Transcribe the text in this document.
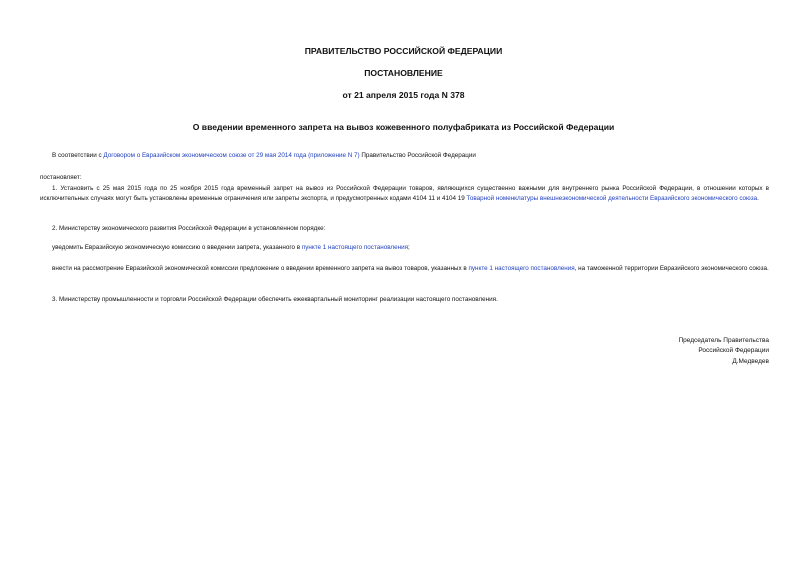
ПРАВИТЕЛЬСТВО РОССИЙСКОЙ ФЕДЕРАЦИИ
ПОСТАНОВЛЕНИЕ
от 21 апреля 2015 года N 378
О введении временного запрета на вывоз кожевенного полуфабриката из Российской Федерации
В соответствии с Договором о Евразийском экономическом союзе от 29 мая 2014 года (приложение N 7) Правительство Российской Федерации
постановляет:
1. Установить с 25 мая 2015 года по 25 ноября 2015 года временный запрет на вывоз из Российской Федерации товаров, являющихся существенно важными для внутреннего рынка Российской Федерации, в отношении которых в исключительных случаях могут быть установлены временные ограничения или запреты экспорта, и предусмотренных кодами 4104 11 и 4104 19 Товарной номенклатуры внешнеэкономической деятельности Евразийского экономического союза.
2. Министерству экономического развития Российской Федерации в установленном порядке:
уведомить Евразийскую экономическую комиссию о введении запрета, указанного в пункте 1 настоящего постановления;
внести на рассмотрение Евразийской экономической комиссии предложение о введении временного запрета на вывоз товаров, указанных в пункте 1 настоящего постановления, на таможенной территории Евразийского экономического союза.
3. Министерству промышленности и торговли Российской Федерации обеспечить ежеквартальный мониторинг реализации настоящего постановления.
Председатель Правительства
Российской Федерации
Д.Медведев
